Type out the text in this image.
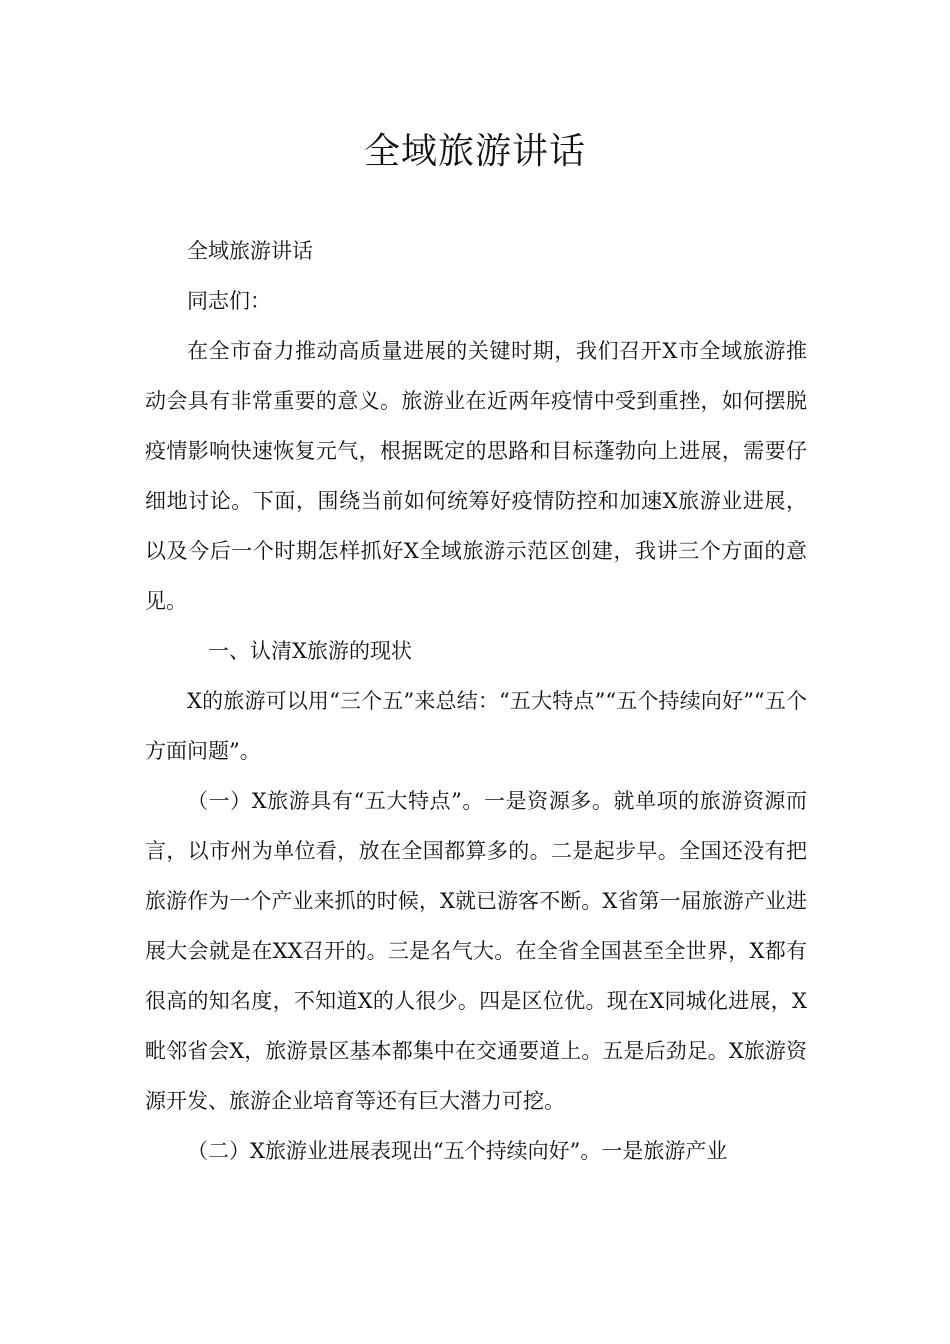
全域旅游讲话

全域旅游讲话

同志们：

在全市奋力推动高质量进展的关键时期，我们召开X市全域旅游推动会具有非常重要的意义。旅游业在近两年疫情中受到重挫，如何摆脱疫情影响快速恢复元气，根据既定的思路和目标蓬勃向上进展，需要仔细地讨论。下面，围绕当前如何统筹好疫情防控和加速X旅游业进展，以及今后一个时期怎样抓好X全域旅游示范区创建，我讲三个方面的意见。

一、认清X旅游的现状

X的旅游可以用“三个五”来总结：“五大特点”“五个持续向好”“五个方面问题”。

（一）X旅游具有“五大特点”。一是资源多。就单项的旅游资源而言，以市州为单位看，放在全国都算多的。二是起步早。全国还没有把旅游作为一个产业来抓的时候，X就已游客不断。X省第一届旅游产业进展大会就是在XX召开的。三是名气大。在全省全国甚至全世界，X都有很高的知名度，不知道X的人很少。四是区位优。现在X同城化进展，X毗邻省会X，旅游景区基本都集中在交通要道上。五是后劲足。X旅游资源开发、旅游企业培育等还有巨大潜力可挖。

（二）X旅游业进展表现出“五个持续向好”。一是旅游产业
